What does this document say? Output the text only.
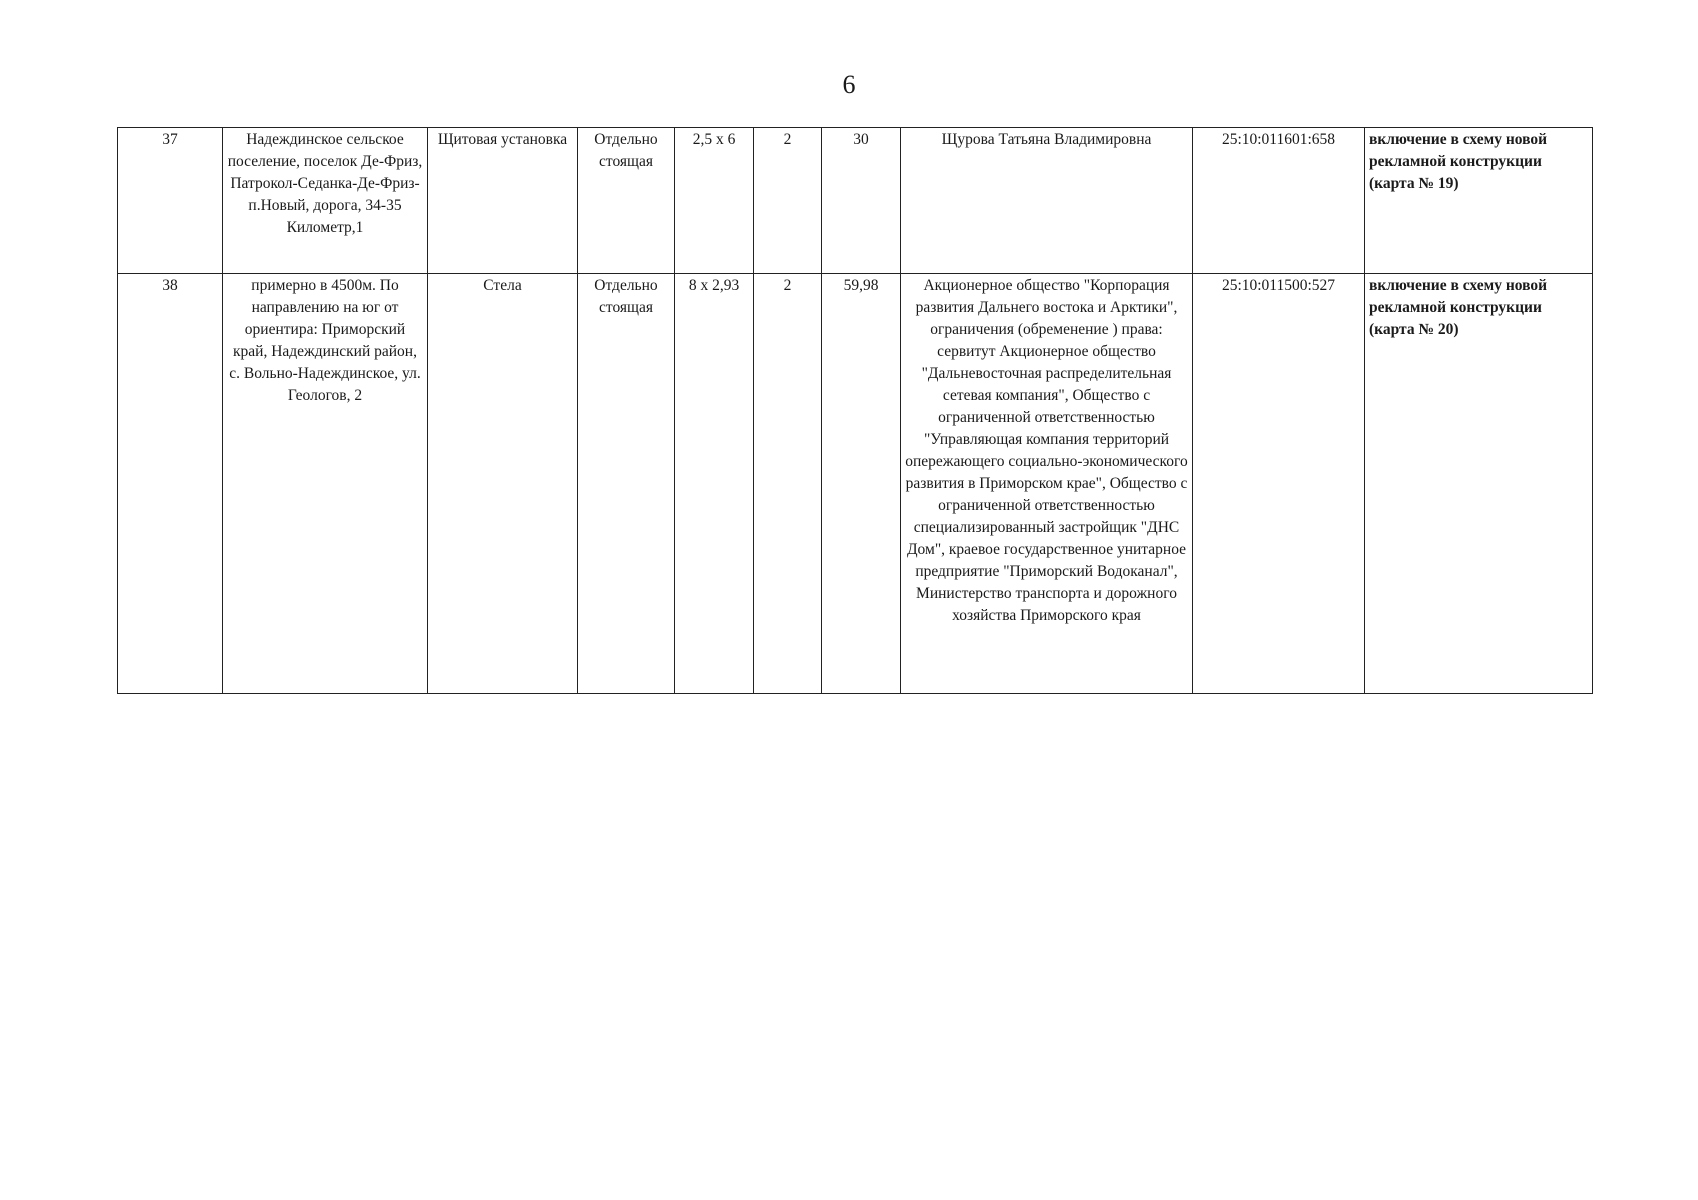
6
37	Надеждинское сельское поселение, поселок Де-Фриз, Патрокол-Седанка-Де-Фриз-п.Новый, дорога, 34-35 Километр,1	Щитовая установка	Отдельно стоящая	2,5 х 6	2	30	Щурова Татьяна Владимировна	25:10:011601:658	включение в схему новой рекламной конструкции (карта № 19)
38	примерно в 4500м. По направлению на юг от ориентира: Приморский край, Надеждинский район, с. Вольно-Надеждинское, ул. Геологов, 2	Стела	Отдельно стоящая	8 х 2,93	2	59,98	Акционерное общество "Корпорация развития Дальнего востока и Арктики", ограничения (обременение ) права: сервитут Акционерное общество "Дальневосточная распределительная сетевая компания", Общество с ограниченной ответственностью "Управляющая компания территорий опережающего социально-экономического развития в Приморском крае", Общество с ограниченной ответственностью специализированный застройщик "ДНС Дом", краевое государственное унитарное предприятие "Приморский Водоканал", Министерство транспорта и дорожного хозяйства Приморского края	25:10:011500:527	включение в схему новой рекламной конструкции (карта № 20)
